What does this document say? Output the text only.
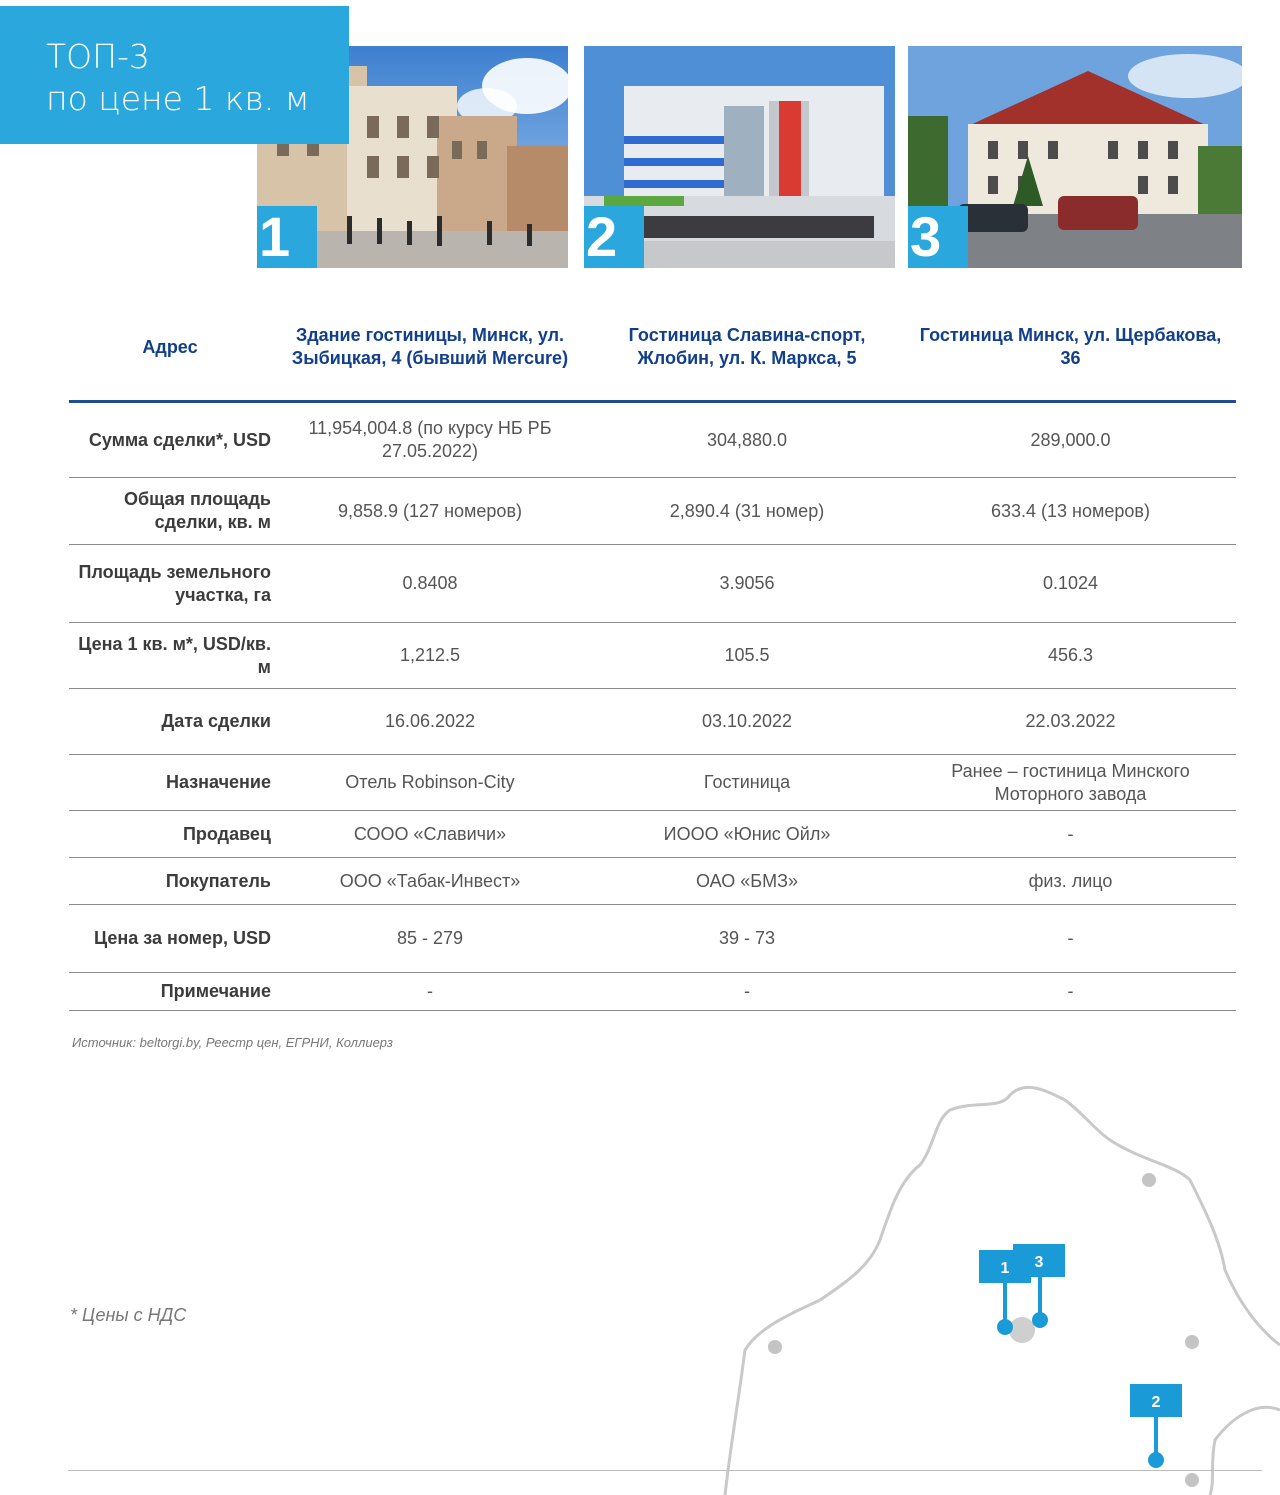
ТОП-3
по цене 1 кв. м
1	2	3
Адрес	Здание гостиницы, Минск, ул. Зыбицкая, 4 (бывший Mercure)	Гостиница Славина-спорт, Жлобин, ул. К. Маркса, 5	Гостиница Минск, ул. Щербакова, 36
Сумма сделки*, USD	11,954,004.8 (по курсу НБ РБ 27.05.2022)	304,880.0	289,000.0
Общая площадь сделки, кв. м	9,858.9 (127 номеров)	2,890.4 (31 номер)	633.4 (13 номеров)
Площадь земельного участка, га	0.8408	3.9056	0.1024
Цена 1 кв. м*, USD/кв. м	1,212.5	105.5	456.3
Дата сделки	16.06.2022	03.10.2022	22.03.2022
Назначение	Отель Robinson-City	Гостиница	Ранее – гостиница Минского Моторного завода
Продавец	СООО «Славичи»	ИООО «Юнис Ойл»	-
Покупатель	ООО «Табак-Инвест»	ОАО «БМЗ»	физ. лицо
Цена за номер, USD	85 - 279	39 - 73	-
Примечание	-	-	-
Источник: beltorgi.by, Реестр цен, ЕГРНИ, Коллиерз
* Цены с НДС
1 3
2
